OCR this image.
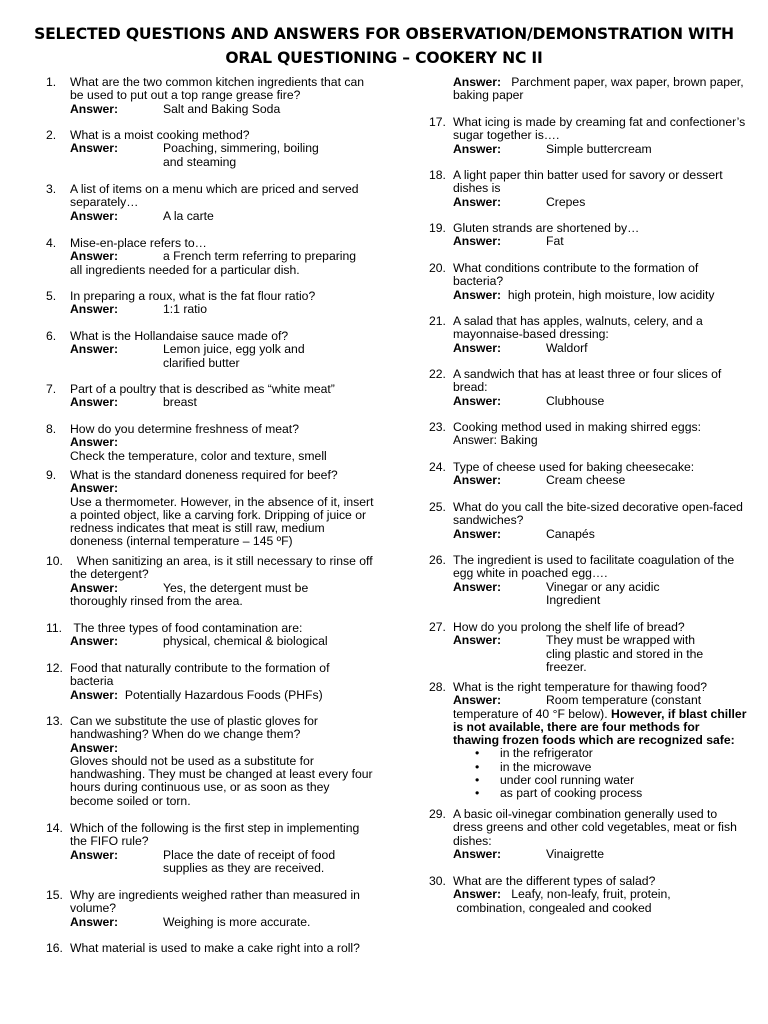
SELECTED QUESTIONS AND ANSWERS FOR OBSERVATION/DEMONSTRATION WITH
ORAL QUESTIONING – COOKERY NC II
1. What are the two common kitchen ingredients that can be used to put out a top range grease fire?
Answer:	Salt and Baking Soda
2. What is a moist cooking method?
Answer:	Poaching, simmering, boiling
and steaming
3. A list of items on a menu which are priced and served separately…
Answer:	A la carte
4. Mise-en-place refers to…
Answer:	a French term referring to preparing
all ingredients needed for a particular dish.
5. In preparing a roux, what is the fat flour ratio?
Answer:	1:1 ratio
6. What is the Hollandaise sauce made of?
Answer:	Lemon juice, egg yolk and
clarified butter
7. Part of a poultry that is described as “white meat”
Answer:	breast
8. How do you determine freshness of meat?
Answer:
Check the temperature, color and texture, smell
9. What is the standard doneness required for beef?
Answer:
Use a thermometer. However, in the absence of it, insert a pointed object, like a carving fork. Dripping of juice or redness indicates that meat is still raw, medium doneness (internal temperature – 145 ºF)
10. When sanitizing an area, is it still necessary to rinse off the detergent?
Answer:	Yes, the detergent must be
thoroughly rinsed from the area.
11. The three types of food contamination are:
Answer:	physical, chemical & biological
12. Food that naturally contribute to the formation of bacteria
Answer:  Potentially Hazardous Foods (PHFs)
13. Can we substitute the use of plastic gloves for handwashing? When do we change them?
Answer:
Gloves should not be used as a substitute for handwashing. They must be changed at least every four hours during continuous use, or as soon as they become soiled or torn.
14. Which of the following is the first step in implementing the FIFO rule?
Answer:	Place the date of receipt of food
supplies as they are received.
15. Why are ingredients weighed rather than measured in volume?
Answer:	Weighing is more accurate.
16. What material is used to make a cake right into a roll?
Answer:   Parchment paper, wax paper, brown paper, baking paper
17. What icing is made by creaming fat and confectioner’s sugar together is….
Answer:	Simple buttercream
18. A light paper thin batter used for savory or dessert dishes is
Answer:	Crepes
19. Gluten strands are shortened by…
Answer:	Fat
20. What conditions contribute to the formation of bacteria?
Answer:  high protein, high moisture, low acidity
21. A salad that has apples, walnuts, celery, and a mayonnaise-based dressing:
Answer:	Waldorf
22. A sandwich that has at least three or four slices of bread:
Answer:	Clubhouse
23. Cooking method used in making shirred eggs:
Answer: Baking
24. Type of cheese used for baking cheesecake:
Answer:	Cream cheese
25. What do you call the bite-sized decorative open-faced sandwiches?
Answer:	Canapés
26. The ingredient is used to facilitate coagulation of the egg white in poached egg….
Answer:	Vinegar or any acidic
Ingredient
27. How do you prolong the shelf life of bread?
Answer:	They must be wrapped with
cling plastic and stored in the
freezer.
28. What is the right temperature for thawing food?
Answer:	Room temperature (constant
temperature of 40 °F below). However, if blast chiller is not available, there are four methods for thawing frozen foods which are recognized safe:
• in the refrigerator
• in the microwave
• under cool running water
• as part of cooking process
29. A basic oil-vinegar combination generally used to dress greens and other cold vegetables, meat or fish dishes:
Answer:	Vinaigrette
30. What are the different types of salad?
Answer:   Leafy, non-leafy, fruit, protein,
combination, congealed and cooked
